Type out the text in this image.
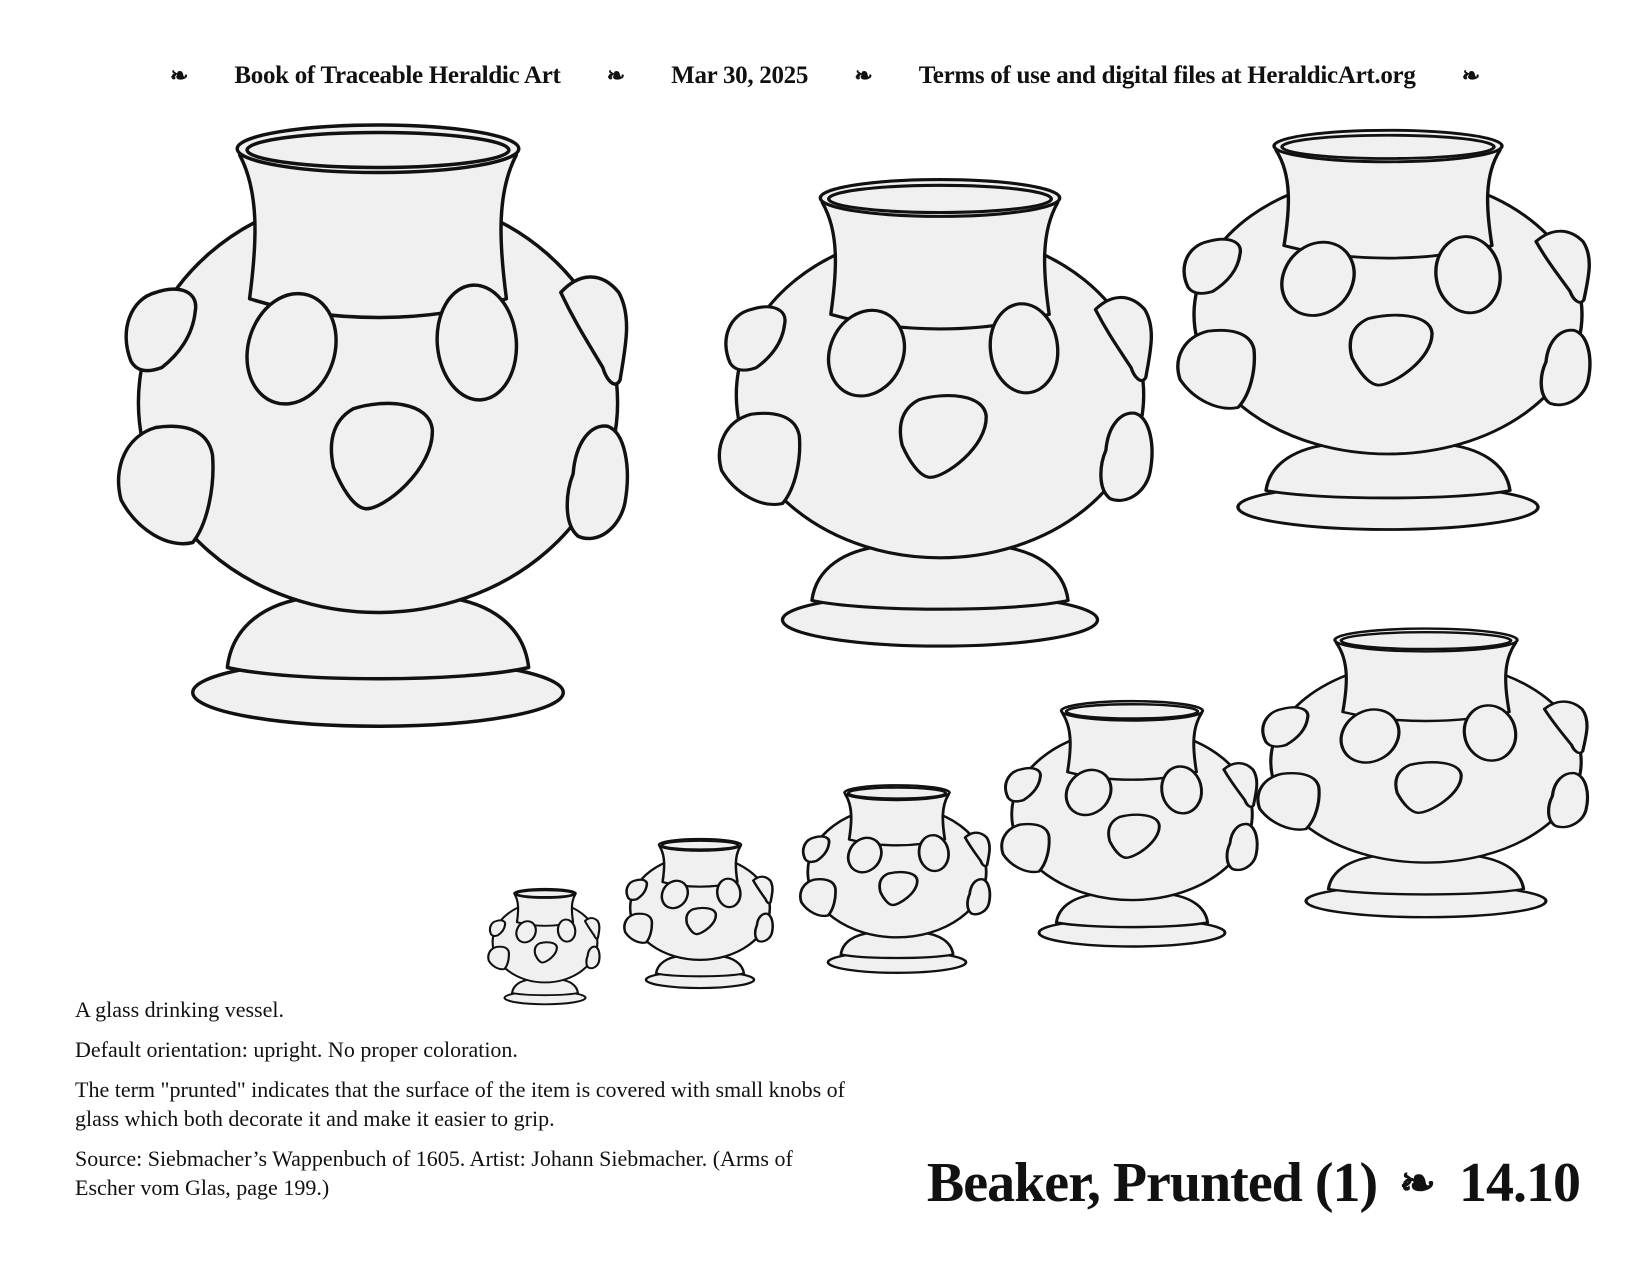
❧ Book of Traceable Heraldic Art ❧ Mar 30, 2025 ❧ Terms of use and digital files at HeraldicArt.org ❧

A glass drinking vessel.

Default orientation: upright. No proper coloration.

The term "prunted" indicates that the surface of the item is covered with small knobs of glass which both decorate it and make it easier to grip.

Source: Siebmacher’s Wappenbuch of 1605. Artist: Johann Siebmacher. (Arms of Escher vom Glas, page 199.)	Beaker, Prunted (1) ❧ 14.10
